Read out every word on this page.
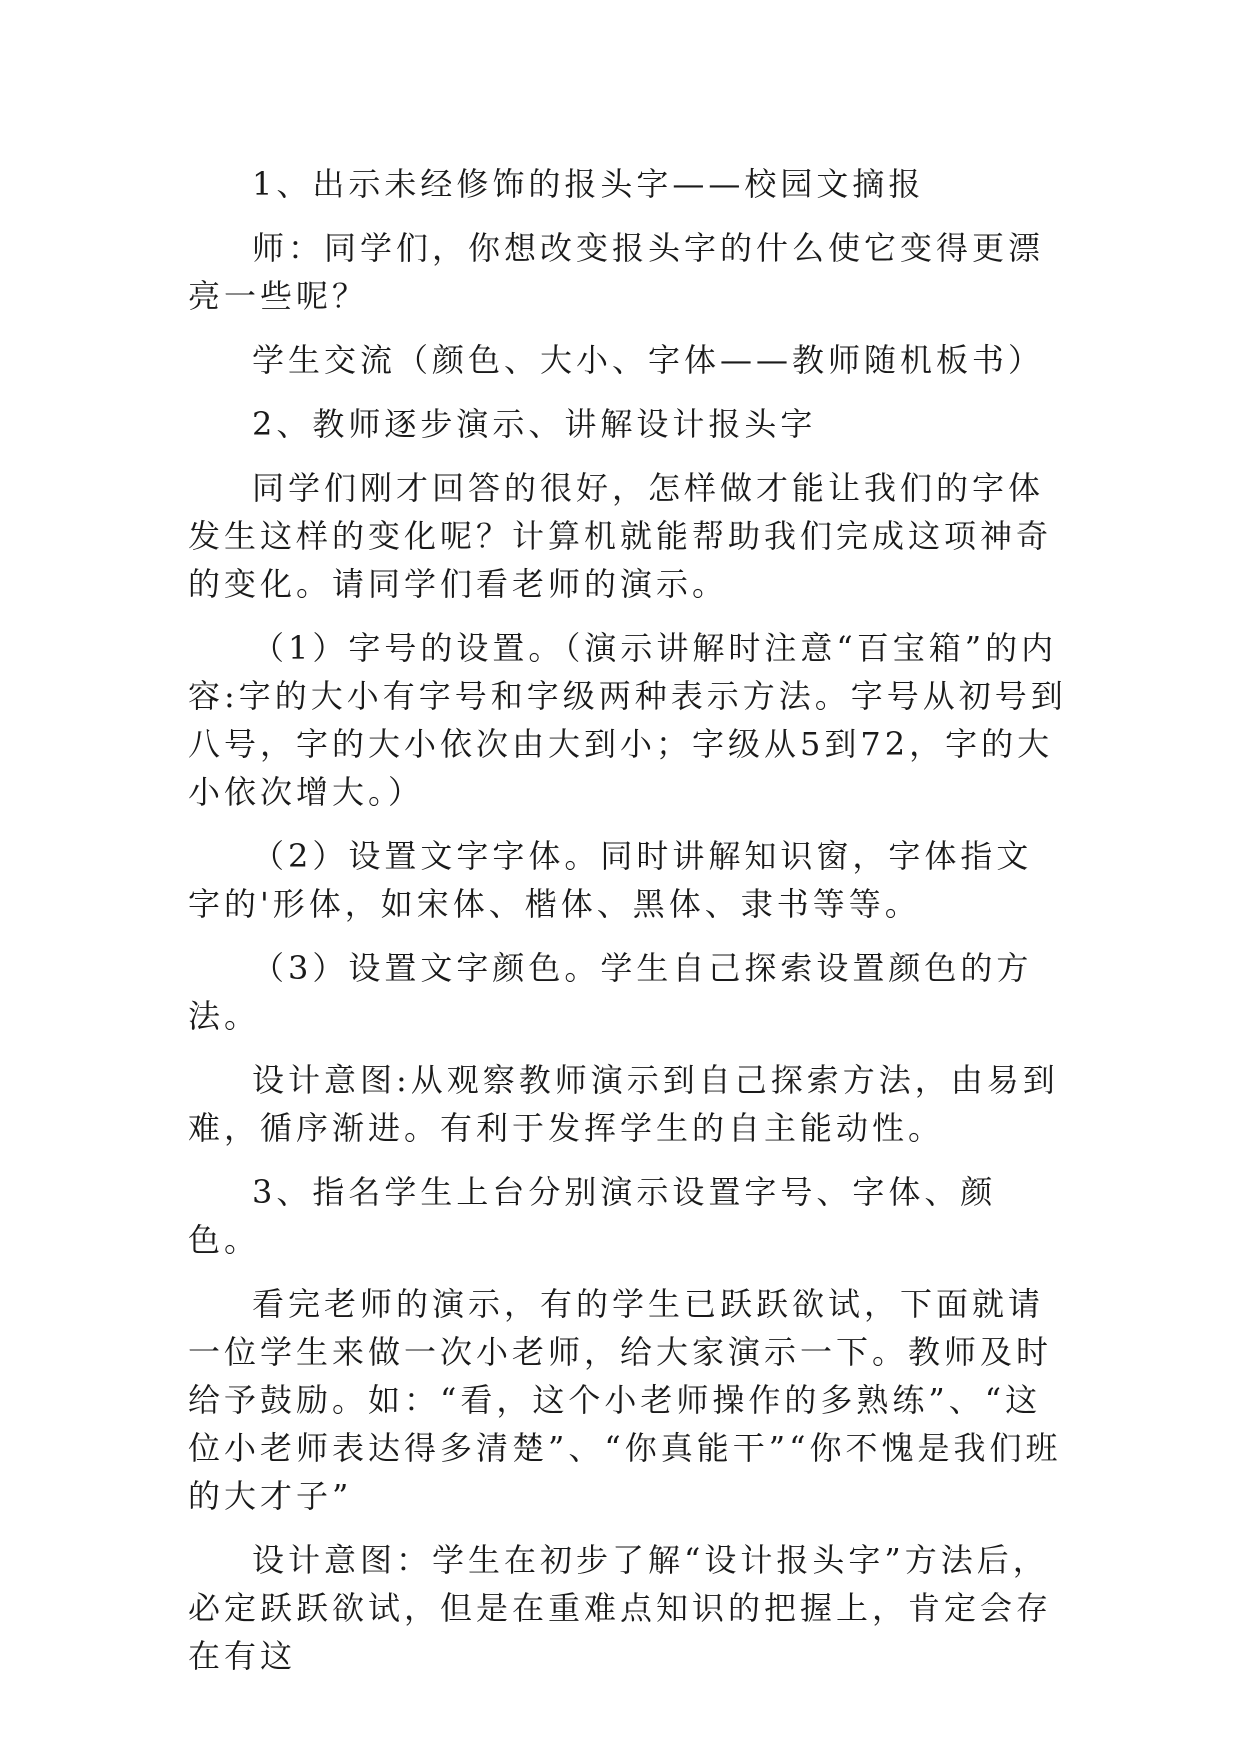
1、出示未经修饰的报头字——校园文摘报

师：同学们，你想改变报头字的什么使它变得更漂亮一些呢？

学生交流（颜色、大小、字体——教师随机板书）

2、教师逐步演示、讲解设计报头字

同学们刚才回答的很好，怎样做才能让我们的字体发生这样的变化呢？计算机就能帮助我们完成这项神奇的变化。请同学们看老师的演示。

（1）字号的设置。（演示讲解时注意“百宝箱”的内容:字的大小有字号和字级两种表示方法。字号从初号到八号，字的大小依次由大到小；字级从5到72，字的大小依次增大。）

（2）设置文字字体。同时讲解知识窗，字体指文字的'形体，如宋体、楷体、黑体、隶书等等。

（3）设置文字颜色。学生自己探索设置颜色的方法。

设计意图:从观察教师演示到自己探索方法，由易到难，循序渐进。有利于发挥学生的自主能动性。

3、指名学生上台分别演示设置字号、字体、颜色。

看完老师的演示，有的学生已跃跃欲试，下面就请一位学生来做一次小老师，给大家演示一下。教师及时给予鼓励。如：“看，这个小老师操作的多熟练”、“这位小老师表达得多清楚”、“你真能干”“你不愧是我们班的大才子”

设计意图：学生在初步了解“设计报头字”方法后，必定跃跃欲试，但是在重难点知识的把握上，肯定会存在有这
